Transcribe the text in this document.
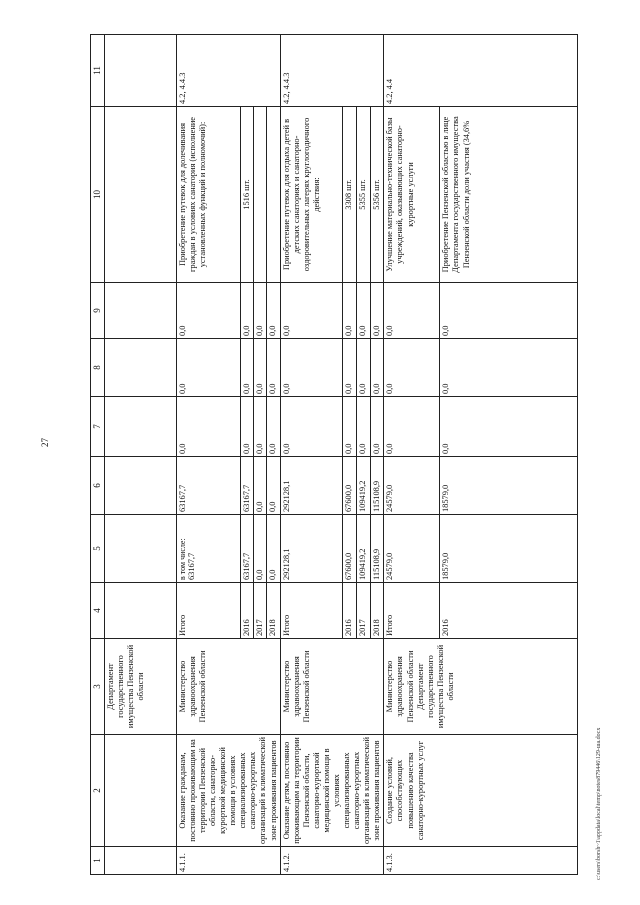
27
c:\users\borsh~1\appdata\local\temp\notes879446\129-ша.docx
1	2	3	4	5	6	7	8	9	10	11
		Департамент государственного имущества Пензенской области								
4.1.1.	Оказание гражданам, постоянно проживающим на территории Пензенской области, санаторно-курортной медицинской помощи в условиях специализированных санаторно-курортных организаций в климатической зоне проживания пациентов	Министерство здравоохранения Пензенской области	Итого	в том числе: 63167,7	63167,7	0,0	0,0	0,0	Приобретение путевок для долечивания граждан в условиях санатория (исполнение установленных функций и полномочий):	4.2, 4.4.3
			2016	63167,7	63167,7	0,0	0,0	0,0	1516 шт.	
			2017	0,0	0,0	0,0	0,0	0,0		
			2018	0,0	0,0	0,0	0,0	0,0		
4.1.2.	Оказание детям, постоянно проживающим на территории Пензенской области, санаторно-курортной медицинской помощи в условиях специализированных санаторно-курортных организаций в климатической зоне проживания пациентов	Министерство здравоохранения Пензенской области	Итого	292128,1	292128,1	0,0	0,0	0,0	Приобретение путевок для отдыха детей в детских санаториях и санаторно-оздоровительных лагерях круглогодичного действия:	4.2, 4.4.3
			2016	67600,0	67600,0	0,0	0,0	0,0	3308 шт.	
			2017	109419,2	109419,2	0,0	0,0	0,0	5355 шт.	
			2018	115108,9	115108,9	0,0	0,0	0,0	5356 шт.	
4.1.3.	Создание условий, способствующих повышению качества санаторно-курортных услуг	Министерство здравоохранения Пензенской области Департамент государственного имущества Пензенской области	Итого	24579,0	24579,0	0,0	0,0	0,0	Улучшение материально-технической базы учреждений, оказывающих санаторно-курортные услуги	4.2, 4.4
			2016	18579,0	18579,0	0,0	0,0	0,0	Приобретение Пензенской областью в лице Департамента государственного имущества Пензенской области доли участия (34,6%	
